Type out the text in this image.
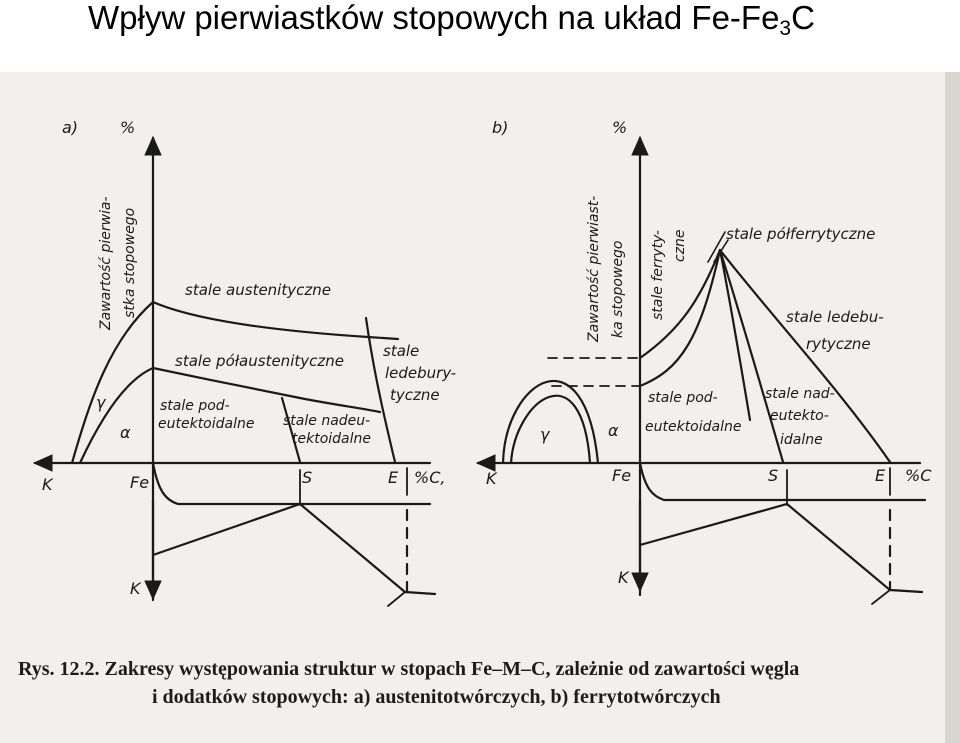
Wpływ pierwiastków stopowych na układ $Fe-Fe_3C$
a)	%
Zawartość pierwia- stka stopowego
Fe
K
K
S	E %C,
γ
α
stale austenityczne
stale półaustenityczne
stale
ledebury-
tyczne
stale pod-
eutektoidalne stale nadeu-
tektoidalne
b)	%
Zawartość pierwiast- ka stopowego stale ferryty- czne	stale półferrytyczne
stale ledebu-
rytyczne
stale pod-
eutektoidalne
stale nad-
eutekto-
idalne
Fe
K
K
S	E %C
γ	α
Rys. 12.2. Zakresy występowania struktur w stopach Fe–M–C, zależnie od zawartości węgla
i dodatków stopowych: a) austenitotwórczych, b) ferrytotwórczych
